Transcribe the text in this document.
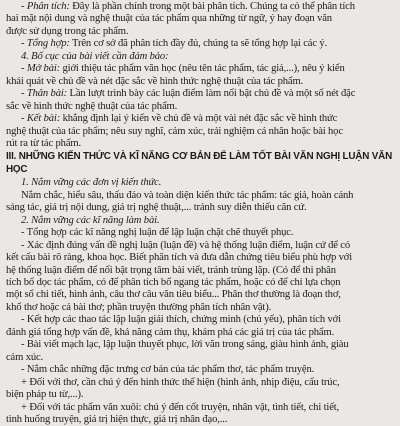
- Phân tích: Đây là phần chính trong một bài phân tích. Chúng ta cỏ thể phân tích
hai mặt nội dung và nghệ thuật của tác phẩm qua những từ ngữ, ý hay đoạn văn
được sử dụng trong tác phẩm.
- Tổng hợp: Trên cơ sở đã phân tích đầy đủ, chúng ta sẽ tổng hợp lại các ý.
4. Bố cục của bài viết cần đảm bảo:
- Mở bài: giới thiệu tác phẩm văn học (nêu tên tác phẩm, tác giả,...), nêu ý kiến
khái quát về chủ đề và nét đặc sắc về hình thức nghệ thuật của tác phẩm.
- Thân bài: Lần lượt trình bày các luận điểm làm nổi bật chủ đề và một số nét đặc
sắc về hình thức nghệ thuật của tác phẩm.
- Kết bài: khẳng định lại ý kiến về chủ đề và một vài nét đặc sắc về hình thức
nghệ thuật của tác phẩm; nêu suy nghĩ, cảm xúc, trải nghiệm cá nhân hoặc bài học
rút ra từ tác phẩm.
III. NHỮNG KIẾN THỨC VÀ KĨ NĂNG CƠ BẢN ĐỂ LÀM TỐT BÀI VĂN NGHỊ LUẬN VĂN HỌC
1. Nắm vững các đơn vị kiến thức.
Nắm chắc, hiểu sâu, thấu đáo và toàn diện kiến thức tác phẩm: tác giả, hoàn cảnh
sáng tác, giá trị nội dung, giá trị nghệ thuật,... tránh suy diễn thiếu căn cứ.
2. Nắm vững các kĩ năng làm bài.
- Tổng hợp các kĩ năng nghị luận để lập luận chặt chẽ thuyết phục.
- Xác định đúng vấn đề nghị luận (luận đề) và hệ thống luận điểm, luận cứ để có
kết cấu bài rõ ràng, khoa học. Biết phân tích và đưa dẫn chứng tiêu biểu phù hợp với
hệ thống luận điểm để nổi bật trọng tâm bài viết, tránh trùng lặp. (Có để thi phân
tích bố dọc tác phẩm, có để phân tích bổ ngang tác phẩm, hoặc có để chỉ lựa chọn
một số chi tiết, hình ảnh, câu thơ câu văn tiêu biểu... Phân thơ thường là đoạn thơ,
khổ thơ hoặc cả bài thơ; phần truyện thường phân tích nhân vật).
- Kết hợp các thao tác lập luận giải thích, chứng minh (chủ yếu), phân tích với
đánh giá tổng hợp vấn đề, khả năng cảm thụ, khám phá các giá trị của tác phẩm.
- Bài viết mạch lạc, lập luận thuyết phục, lời văn trong sáng, giàu hình ảnh, giàu
cảm xúc.
- Nắm chắc những đặc trưng cơ bản của tác phẩm thơ, tác phẩm truyện.
+ Đối với thơ, cần chú ý đến hình thức thể hiện (hình ảnh, nhịp điệu, cấu trúc,
biện pháp tu từ,...).
+ Đối với tác phẩm văn xuôi: chú ý đến cốt truyện, nhân vật, tình tiết, chi tiết,
tình huống truyện, giá trị hiện thực, giá trị nhân đạo,...
